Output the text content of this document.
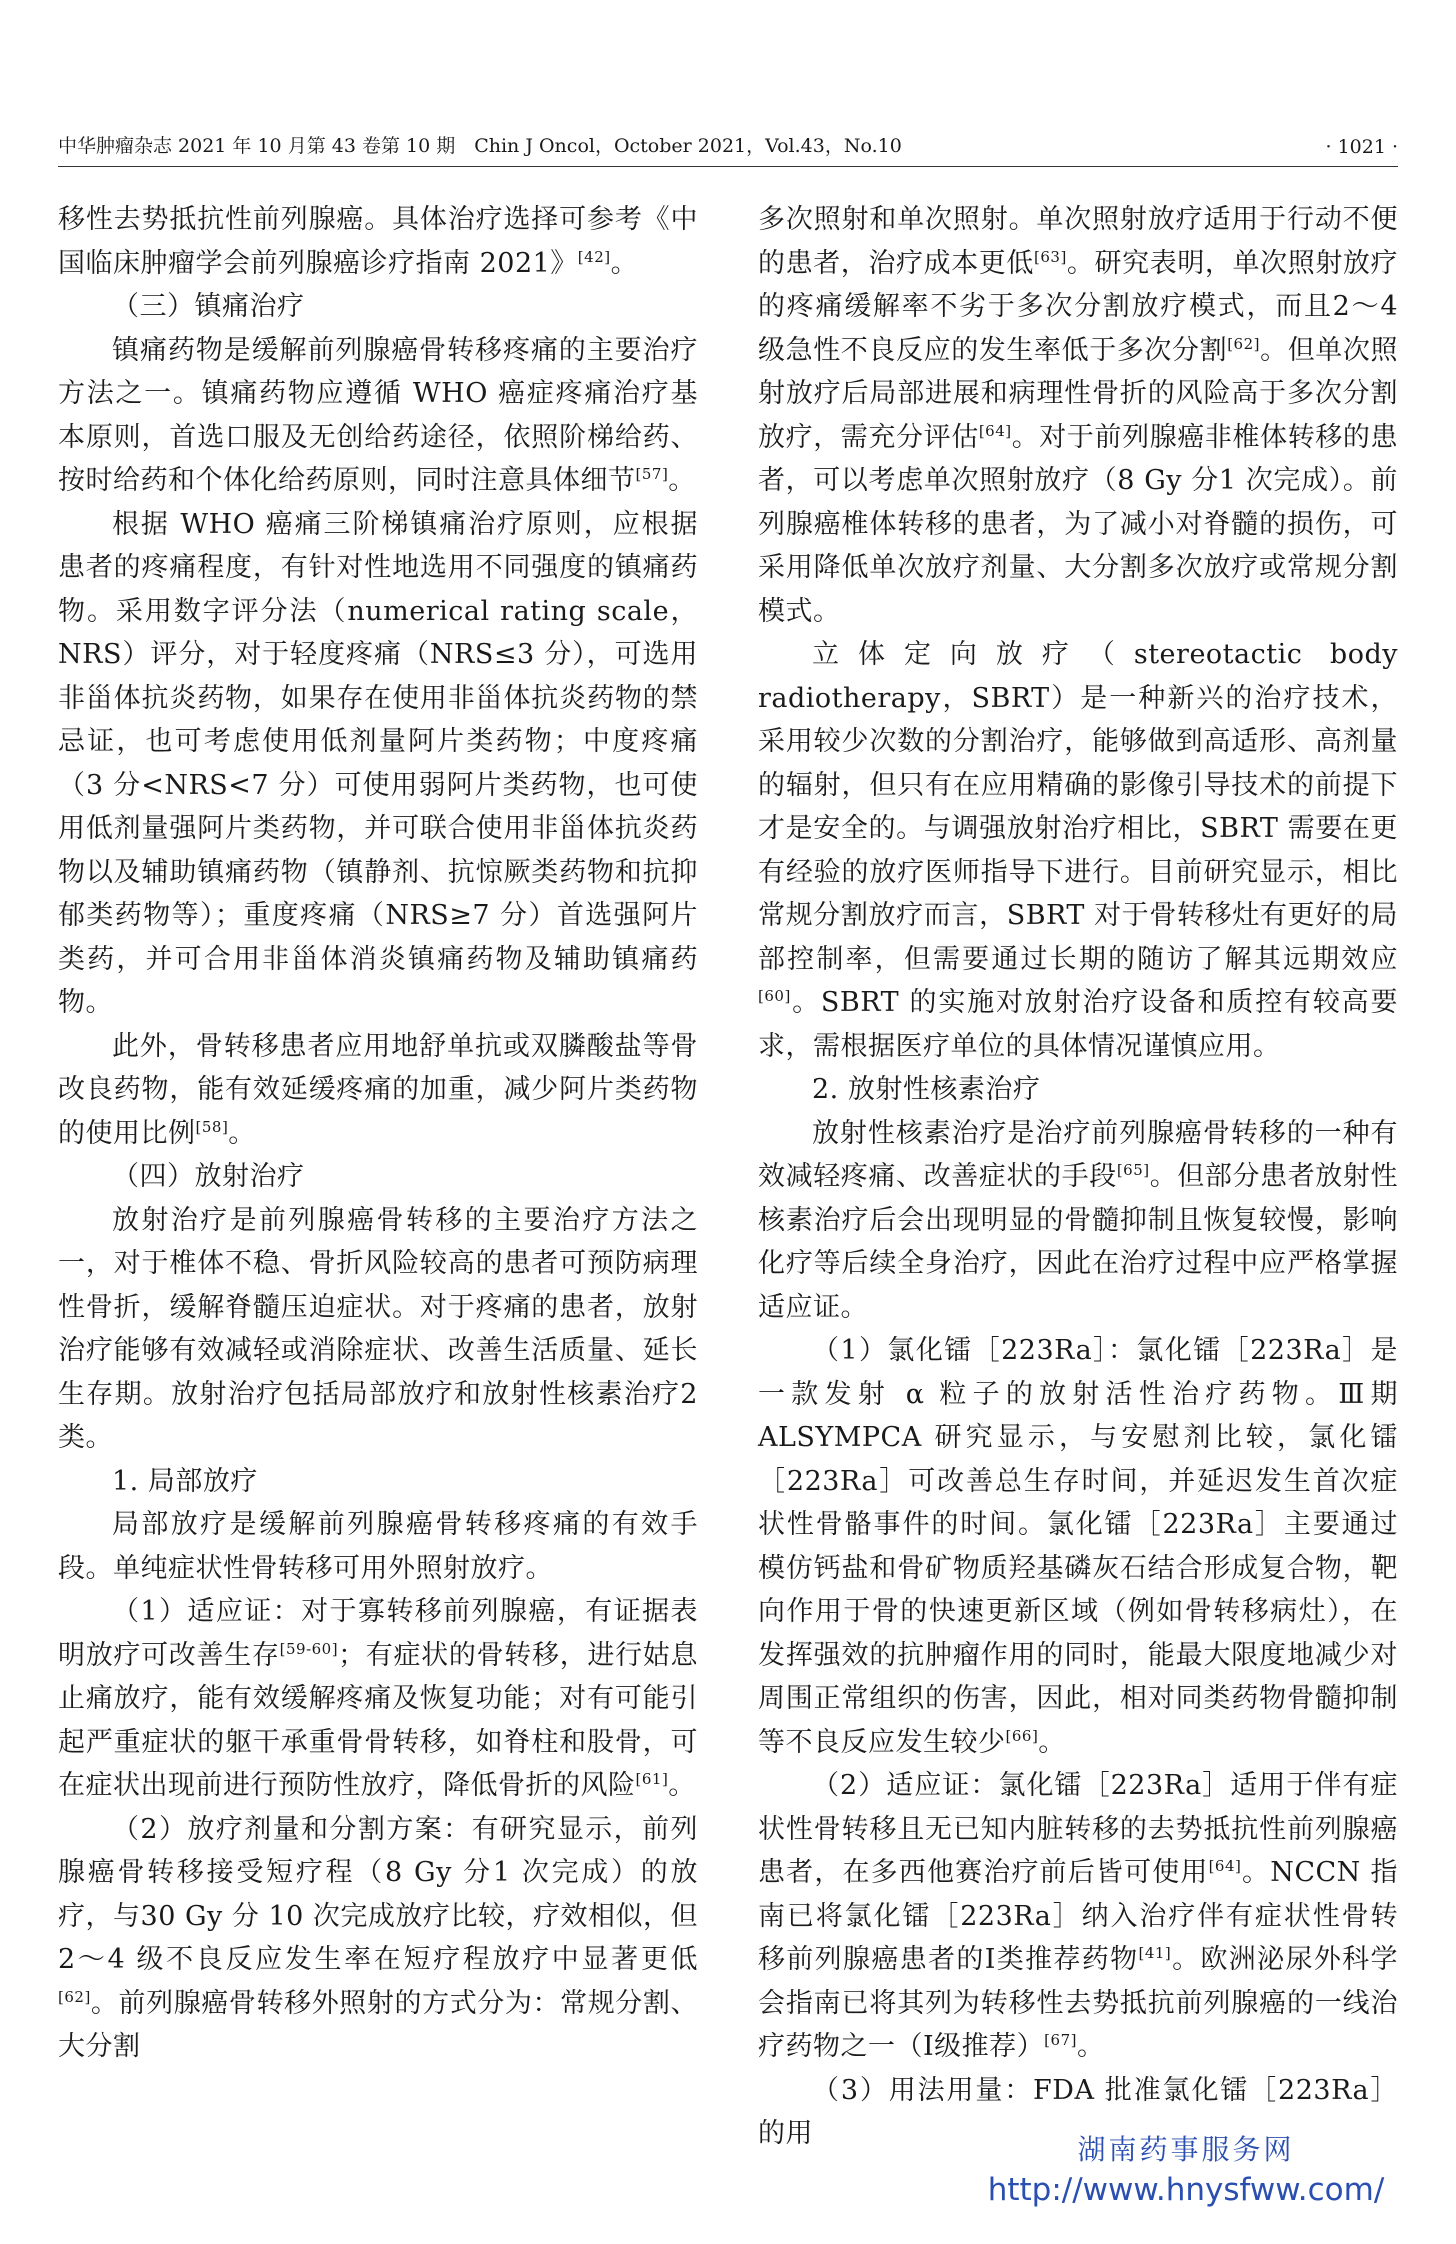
中华肿瘤杂志 2021 年 10 月第 43 卷第 10 期　Chin J Oncol，October 2021，Vol.43，No.10	· 1021 ·

移性去势抵抗性前列腺癌。具体治疗选择可参考《中国临床肿瘤学会前列腺癌诊疗指南 2021》[42]。

（三）镇痛治疗

镇痛药物是缓解前列腺癌骨转移疼痛的主要治疗方法之一。镇痛药物应遵循 WHO 癌症疼痛治疗基本原则，首选口服及无创给药途径，依照阶梯给药、按时给药和个体化给药原则，同时注意具体细节[57]。

根据 WHO 癌痛三阶梯镇痛治疗原则，应根据患者的疼痛程度，有针对性地选用不同强度的镇痛药物。采用数字评分法（numerical rating scale，NRS）评分，对于轻度疼痛（NRS≤3 分），可选用非甾体抗炎药物，如果存在使用非甾体抗炎药物的禁忌证，也可考虑使用低剂量阿片类药物；中度疼痛（3 分<NRS<7 分）可使用弱阿片类药物，也可使用低剂量强阿片类药物，并可联合使用非甾体抗炎药物以及辅助镇痛药物（镇静剂、抗惊厥类药物和抗抑郁类药物等）；重度疼痛（NRS≥7 分）首选强阿片类药，并可合用非甾体消炎镇痛药物及辅助镇痛药物。

此外，骨转移患者应用地舒单抗或双膦酸盐等骨改良药物，能有效延缓疼痛的加重，减少阿片类药物的使用比例[58]。

（四）放射治疗

放射治疗是前列腺癌骨转移的主要治疗方法之一，对于椎体不稳、骨折风险较高的患者可预防病理性骨折，缓解脊髓压迫症状。对于疼痛的患者，放射治疗能够有效减轻或消除症状、改善生活质量、延长生存期。放射治疗包括局部放疗和放射性核素治疗2 类。

1. 局部放疗

局部放疗是缓解前列腺癌骨转移疼痛的有效手段。单纯症状性骨转移可用外照射放疗。

（1）适应证：对于寡转移前列腺癌，有证据表明放疗可改善生存[59-60]；有症状的骨转移，进行姑息止痛放疗，能有效缓解疼痛及恢复功能；对有可能引起严重症状的躯干承重骨骨转移，如脊柱和股骨，可在症状出现前进行预防性放疗，降低骨折的风险[61]。

（2）放疗剂量和分割方案：有研究显示，前列腺癌骨转移接受短疗程（8 Gy 分1 次完成）的放疗，与30 Gy 分 10 次完成放疗比较，疗效相似，但 2～4 级不良反应发生率在短疗程放疗中显著更低[62]。前列腺癌骨转移外照射的方式分为：常规分割、大分割

多次照射和单次照射。单次照射放疗适用于行动不便的患者，治疗成本更低[63]。研究表明，单次照射放疗的疼痛缓解率不劣于多次分割放疗模式，而且2～4 级急性不良反应的发生率低于多次分割[62]。但单次照射放疗后局部进展和病理性骨折的风险高于多次分割放疗，需充分评估[64]。对于前列腺癌非椎体转移的患者，可以考虑单次照射放疗（8 Gy 分1 次完成）。前列腺癌椎体转移的患者，为了减小对脊髓的损伤，可采用降低单次放疗剂量、大分割多次放疗或常规分割模式。

立体定向放疗（stereotactic body radiotherapy，SBRT）是一种新兴的治疗技术，采用较少次数的分割治疗，能够做到高适形、高剂量的辐射，但只有在应用精确的影像引导技术的前提下才是安全的。与调强放射治疗相比，SBRT 需要在更有经验的放疗医师指导下进行。目前研究显示，相比常规分割放疗而言，SBRT 对于骨转移灶有更好的局部控制率，但需要通过长期的随访了解其远期效应[60]。SBRT 的实施对放射治疗设备和质控有较高要求，需根据医疗单位的具体情况谨慎应用。

2. 放射性核素治疗

放射性核素治疗是治疗前列腺癌骨转移的一种有效减轻疼痛、改善症状的手段[65]。但部分患者放射性核素治疗后会出现明显的骨髓抑制且恢复较慢，影响化疗等后续全身治疗，因此在治疗过程中应严格掌握适应证。

（1）氯化镭［223Ra］：氯化镭［223Ra］是一款发射 α 粒子的放射活性治疗药物。Ⅲ期 ALSYMPCA 研究显示，与安慰剂比较，氯化镭［223Ra］可改善总生存时间，并延迟发生首次症状性骨骼事件的时间。氯化镭［223Ra］主要通过模仿钙盐和骨矿物质羟基磷灰石结合形成复合物，靶向作用于骨的快速更新区域（例如骨转移病灶），在发挥强效的抗肿瘤作用的同时，能最大限度地减少对周围正常组织的伤害，因此，相对同类药物骨髓抑制等不良反应发生较少[66]。

（2）适应证：氯化镭［223Ra］适用于伴有症状性骨转移且无已知内脏转移的去势抵抗性前列腺癌患者，在多西他赛治疗前后皆可使用[64]。NCCN 指南已将氯化镭［223Ra］纳入治疗伴有症状性骨转移前列腺癌患者的Ⅰ类推荐药物[41]。欧洲泌尿外科学会指南已将其列为转移性去势抵抗前列腺癌的一线治疗药物之一（Ⅰ级推荐）[67]。

（3）用法用量：FDA 批准氯化镭［223Ra］的用	湖南药事服务网
http://www.hnysfww.com/
